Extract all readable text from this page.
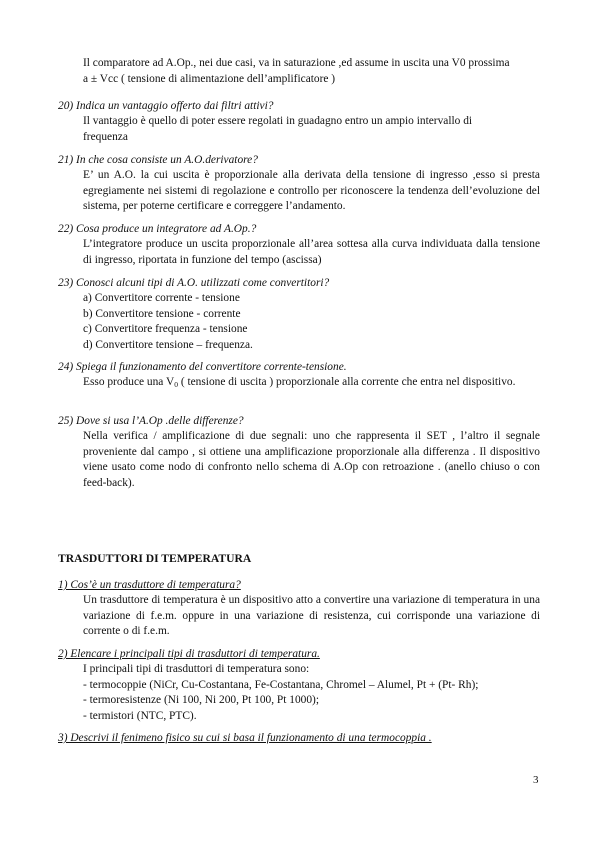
Il comparatore ad A.Op., nei due casi, va in saturazione ,ed assume in uscita una V0 prossima
a ± Vcc ( tensione di alimentazione dell’amplificatore )

20) Indica un vantaggio offerto dai filtri attivi?

Il vantaggio è quello di poter essere regolati in guadagno entro un ampio intervallo di frequenza

21) In che cosa consiste un A.O.derivatore?

E’ un A.O. la cui uscita è proporzionale alla derivata della tensione di ingresso ,esso si presta egregiamente nei sistemi di regolazione e controllo per riconoscere la tendenza dell’evoluzione del sistema, per poterne certificare e correggere l’andamento.

22) Cosa produce un integratore ad A.Op.?

L’integratore produce un uscita proporzionale all’area sottesa alla curva individuata dalla tensione di ingresso, riportata in funzione del tempo (ascissa)

23) Conosci alcuni tipi di A.O. utilizzati come convertitori?

a) Convertitore corrente - tensione
b) Convertitore tensione - corrente
c) Convertitore frequenza - tensione
d) Convertitore tensione – frequenza.

24) Spiega il funzionamento del convertitore corrente-tensione.

Esso produce una $V_0$ ( tensione di uscita ) proporzionale alla corrente che entra nel dispositivo.

25) Dove si usa l’A.Op .delle differenze?

Nella verifica / amplificazione di due segnali: uno che rappresenta il SET , l’altro il segnale proveniente dal campo , si ottiene una amplificazione proporzionale alla differenza . Il dispositivo viene usato come nodo di confronto nello schema di A.Op con retroazione . (anello chiuso o con feed-back).

TRASDUTTORI DI TEMPERATURA

1) Cos’è un trasduttore di temperatura?

Un trasduttore di temperatura è un dispositivo atto a convertire una variazione di temperatura in una variazione di f.e.m. oppure in una variazione di resistenza, cui corrisponde una variazione di corrente o di f.e.m.

2) Elencare i principali tipi di trasduttori di temperatura.

I principali tipi di trasduttori di temperatura sono:
- termocoppie (NiCr, Cu-Costantana, Fe-Costantana, Chromel – Alumel, Pt + (Pt- Rh);
- termoresistenze (Ni 100, Ni 200, Pt 100, Pt 1000);
- termistori (NTC, PTC).

3) Descrivi il fenimeno fisico su cui si basa il funzionamento di una termocoppia .

3
